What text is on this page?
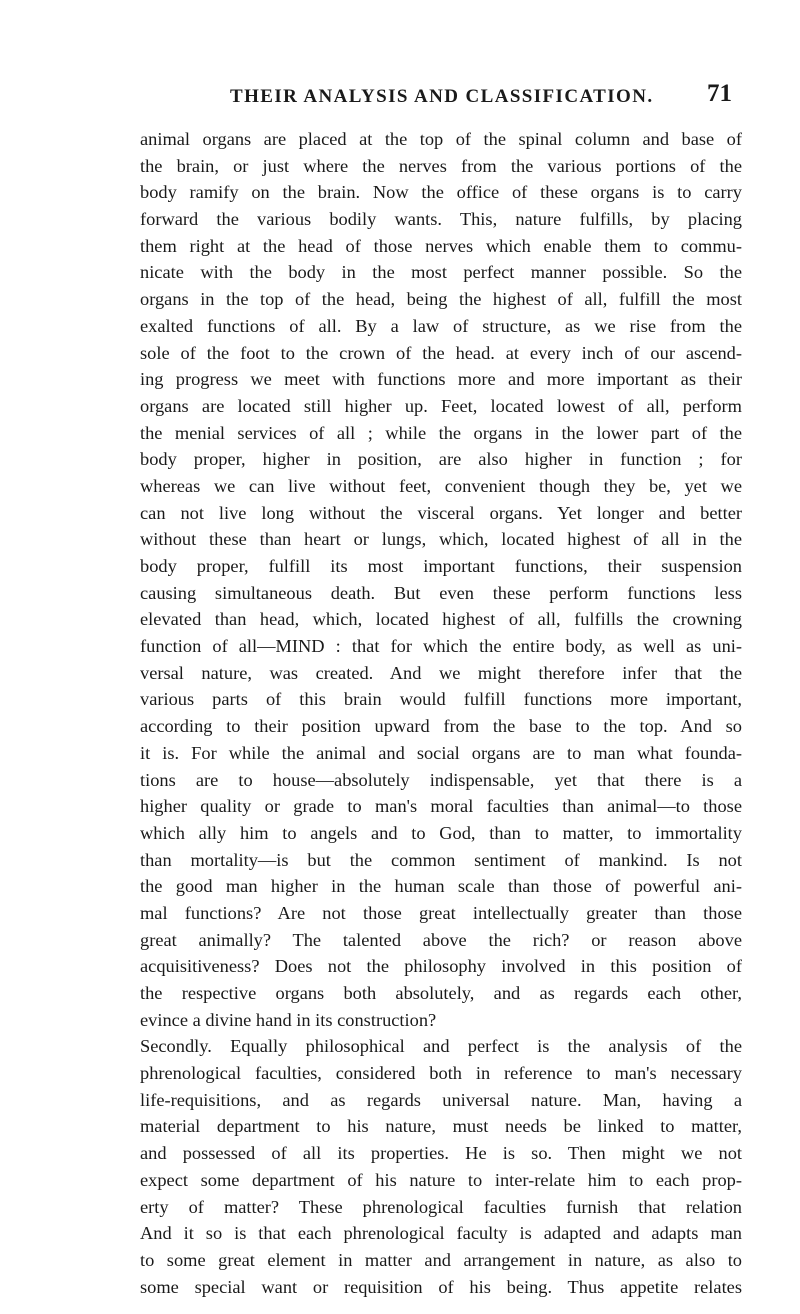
THEIR ANALYSIS AND CLASSIFICATION. 71
animal organs are placed at the top of the spinal column and base of
the brain, or just where the nerves from the various portions of the
body ramify on the brain. Now the office of these organs is to carry
forward the various bodily wants. This, nature fulfills, by placing
them right at the head of those nerves which enable them to commu-
nicate with the body in the most perfect manner possible. So the
organs in the top of the head, being the highest of all, fulfill the most
exalted functions of all. By a law of structure, as we rise from the
sole of the foot to the crown of the head. at every inch of our ascend-
ing progress we meet with functions more and more important as their
organs are located still higher up. Feet, located lowest of all, perform
the menial services of all ; while the organs in the lower part of the
body proper, higher in position, are also higher in function ; for
whereas we can live without feet, convenient though they be, yet we
can not live long without the visceral organs. Yet longer and better
without these than heart or lungs, which, located highest of all in the
body proper, fulfill its most important functions, their suspension
causing simultaneous death. But even these perform functions less
elevated than head, which, located highest of all, fulfills the crowning
function of all—MIND : that for which the entire body, as well as uni-
versal nature, was created. And we might therefore infer that the
various parts of this brain would fulfill functions more important,
according to their position upward from the base to the top. And so
it is. For while the animal and social organs are to man what founda-
tions are to house—absolutely indispensable, yet that there is a
higher quality or grade to man's moral faculties than animal—to those
which ally him to angels and to God, than to matter, to immortality
than mortality—is but the common sentiment of mankind. Is not
the good man higher in the human scale than those of powerful ani-
mal functions? Are not those great intellectually greater than those
great animally? The talented above the rich? or reason above
acquisitiveness? Does not the philosophy involved in this position of
the respective organs both absolutely, and as regards each other,
evince a divine hand in its construction?
Secondly. Equally philosophical and perfect is the analysis of the
phrenological faculties, considered both in reference to man's necessary
life-requisitions, and as regards universal nature. Man, having a
material department to his nature, must needs be linked to matter,
and possessed of all its properties. He is so. Then might we not
expect some department of his nature to inter-relate him to each prop-
erty of matter? These phrenological faculties furnish that relation
And it so is that each phrenological faculty is adapted and adapts man
to some great element in matter and arrangement in nature, as also to
some special want or requisition of his being. Thus appetite relates
